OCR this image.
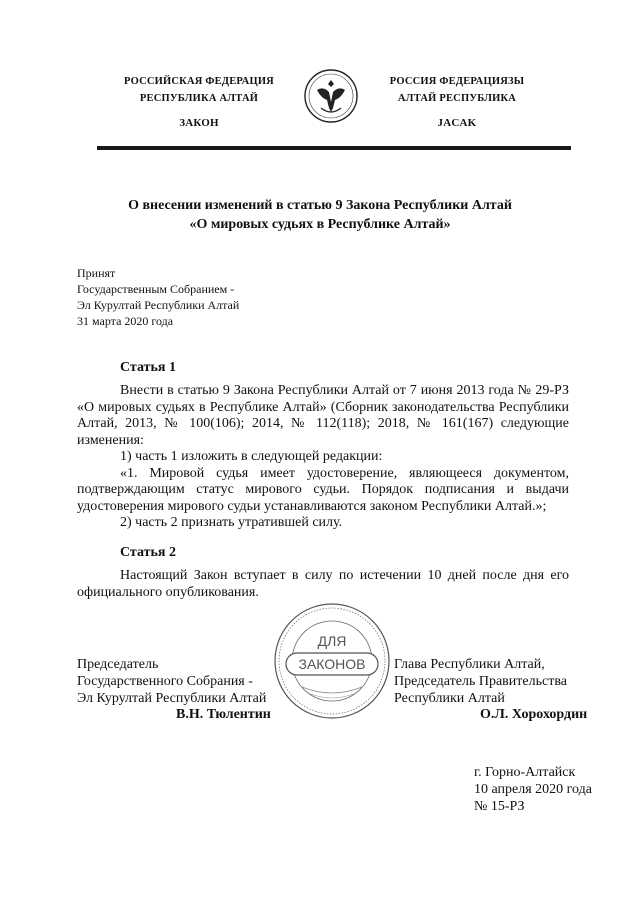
РОССИЙСКАЯ ФЕДЕРАЦИЯ
РЕСПУБЛИКА АЛТАЙ
ЗАКОН
РОССИЯ ФЕДЕРАЦИЯЗЫ
АЛТАЙ РЕСПУБЛИКА
JACAK
О внесении изменений в статью 9 Закона Республики Алтай
«О мировых судьях в Республике Алтай»
Принят
Государственным Собранием -
Эл Курултай Республики Алтай
31 марта 2020 года
Статья 1

Внести в статью 9 Закона Республики Алтай от 7 июня 2013 года № 29-РЗ «О мировых судьях в Республике Алтай» (Сборник законодательства Республики Алтай, 2013, № 100(106); 2014, № 112(118); 2018, № 161(167) следующие изменения:

1) часть 1 изложить в следующей редакции:

«1. Мировой судья имеет удостоверение, являющееся документом, подтверждающим статус мирового судьи. Порядок подписания и выдачи удостоверения мирового судьи устанавливаются законом Республики Алтай.»;

2) часть 2 признать утратившей силу.

Статья 2

Настоящий Закон вступает в силу по истечении 10 дней после дня его официального опубликования.

ДЛЯ
ЗАКОНОВ
Председатель
Государственного Собрания -
Эл Курултай Республики Алтай
В.Н. Тюлентин
Глава Республики Алтай,
Председатель Правительства
Республики Алтай
О.Л. Хорохордин
г. Горно-Алтайск
10 апреля 2020 года
№ 15-РЗ
